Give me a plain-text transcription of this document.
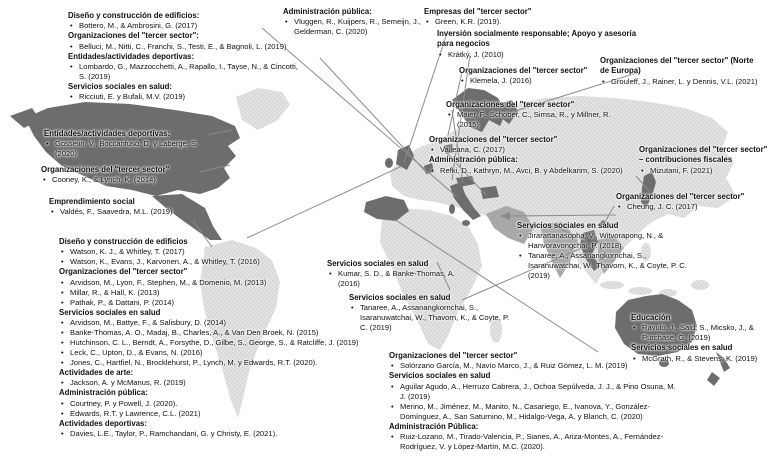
Diseño y construcción de edificios:
• Bottero, M., & Ambrosini, G. (2017)
Organizaciones del "tercer sector":
• Belluci, M., Nitti, C., Franchi, S., Testi, E., & Bagnoli, L. (2019)
Entidades/actividades deportivas:
• Lombardo, G., Mazzocchetti, A., Rapallo, I., Tayse, N., & Cincotti, S. (2019)
Servicios sociales en salud:
• Ricciuti, E. y Bufali, M.V. (2019)
Administración pública:
• Vluggen, R., Kuijpers, R., Semeijn, J., Gelderman, C. (2020)
Empresas del "tercer sector"
• Green, K.R. (2019).
Inversión socialmente responsable; Apoyo y asesoría para negocios
• Krátký, J. (2010)
Organizaciones del "tercer sector"
• Klemela, J. (2016)
Organizaciones del "tercer sector" (Norte de Europa)
• Grouleff, J., Rainer, L. y Dennis, V.L. (2021)
Organizaciones del "tercer sector"
• Maier, F., Schober, C., Simsa, R., y Millner, R. (2015)
Organizaciones del "tercer sector"
• Vaileana, C. (2017)
Administración pública:
• Refki, D., Kathryn, M., Avci, B. y Abdelkarim, S. (2020)
Organizaciones del "tercer sector" – contribuciones fiscales
• Mizutani, F. (2021)
Organizaciones del "tercer sector"
• Cheung, J. C. (2017)
Servicios sociales en salud
• Jirarattanasopha, V., Witvorapong, N., & Hanvoravongchai, P. (2018)
• Tanaree, A., Assanangkornchai, S., Isaranuwatchai, W., Thavorn, K., & Coyte, P. C. (2019)
Entidades/actividades deportivas:
• Gosselin, V., Boccanfuso, D. y Laberge, S. (2020)
Organizaciones del "tercer sector"
• Cooney, K., & Lynch, K. (2014)
Emprendimiento social
• Valdés, F., Saavedra, M.L. (2019)
Diseño y construcción de edificios
• Watson, K. J., & Whitley, T. (2017)
• Watson, K., Evans, J., Karvonen, A., & Whitley, T. (2016)
Organizaciones del "tercer sector"
• Arvidson, M., Lyon, F., Stephen, M., & Domenio, M. (2013)
• Millar, R., & Hall, K. (2013)
• Pathak, P., & Dattani, P. (2014)
Servicios sociales en salud
• Arvidson, M., Battye, F., & Salisbury, D. (2014)
• Banke-Thomas, A. O., Madaj, B., Charles, A., & Van Den Broek, N. (2015)
• Hutchinson, C. L., Berndt, A., Forsythe, D., Gilbe, S., George, S., & Ratcliffe, J. (2019)
• Leck, C., Upton, D., & Evans, N. (2016)
• Jones, C., Hartfiel, N., Brocklehurst, P., Lynch, M. y Edwards, R.T. (2020).
Actividades de arte:
• Jackson, A. y McManus, R. (2019)
Administración pública:
• Courtney, P. y Powell, J. (2020).
• Edwards, R.T. y Lawrence, C.L. (2021)
Actividades deportivas:
• Davies, L.E., Taylor, P., Ramchandani, G. y Christy, E. (2021).
Servicios sociales en salud
• Kumar, S. D., & Banke-Thomas, A. (2016)
Servicios sociales en salud
• Tanaree, A., Assanangkornchai, S., Isaranuwatchai, W., Thavorn, K., & Coyte, P. C. (2019)
Organizaciones del "tercer sector"
• Solórzano García, M., Navío Marco, J., & Ruiz Gómez, L. M. (2019)
Servicios sociales en salud
• Aguilar Agudo, A., Herruzo Cabrera, J., Ochoa Sepúlveda, J. J., & Pino Osuna, M. J. (2019)
• Merino, M., Jiménez, M., Manito, N., Casariego, E., Ivanova, Y., González-Domínguez, A., San Saturnino, M., Hidalgo-Vega, A. y Blanch, C. (2020)
Administración Pública:
• Ruiz-Lozano, M., Tirado-Valencia, P., Sianes, A., Ariza-Montes, A., Fernández-Rodríguez, V. y López-Martín, M.C. (2020).
Educación
• Ravulo, J., Said, S., Micsko, J., & Purchase, G. (2019)
Servicios sociales en salud
• McGrath, R., & Stevens, K. (2019)
